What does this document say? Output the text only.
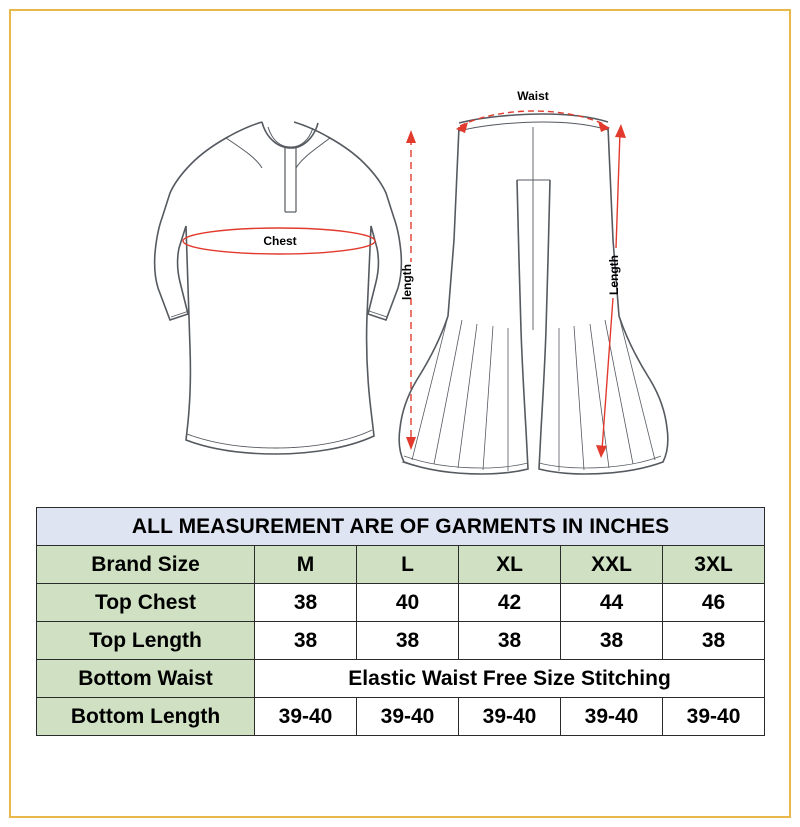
Chest
length
Waist
Length
ALL MEASUREMENT ARE OF GARMENTS IN INCHES					
Brand Size	M	L	XL	XXL	3XL
Top Chest	38	40	42	44	46
Top Length	38	38	38	38	38
Bottom Waist	Elastic Waist Free Size Stitching				
Bottom Length	39-40	39-40	39-40	39-40	39-40
